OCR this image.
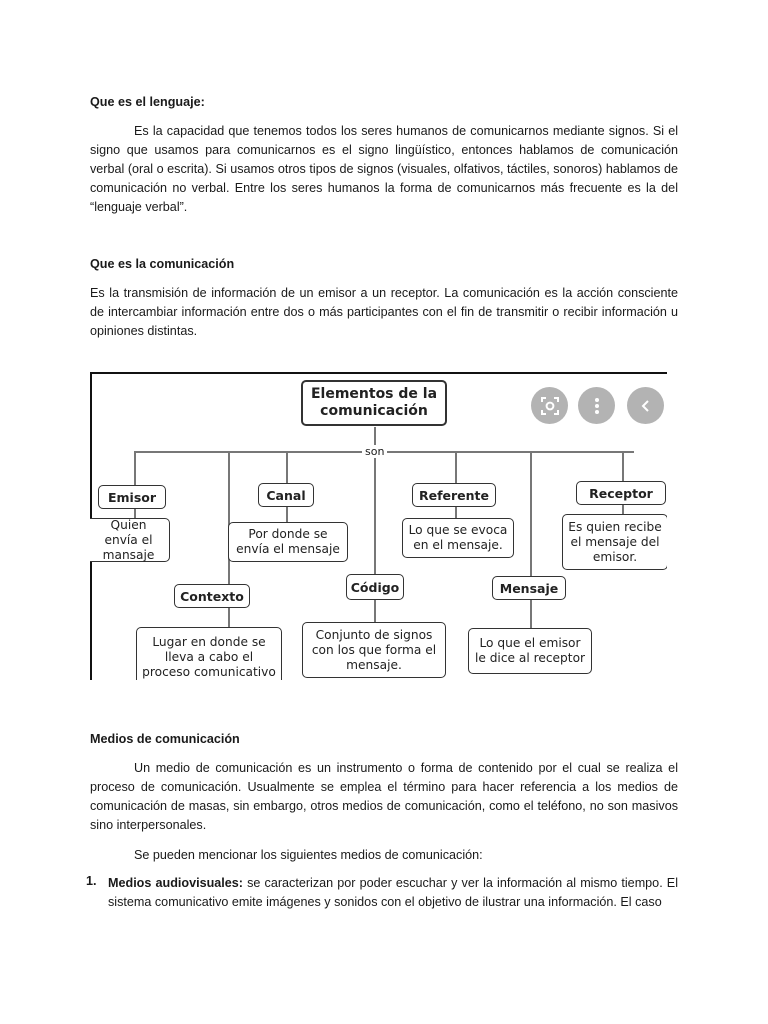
Que es el lenguaje:

Es la capacidad que tenemos todos los seres humanos de comunicarnos mediante signos. Si el signo que usamos para comunicarnos es el signo lingüístico, entonces hablamos de comunicación verbal (oral o escrita). Si usamos otros tipos de signos (visuales, olfativos, táctiles, sonoros) hablamos de comunicación no verbal. Entre los seres humanos la forma de comunicarnos más frecuente es la del “lenguaje verbal”.

Que es la comunicación

Es la transmisión de información de un emisor a un receptor. La comunicación es la acción consciente de intercambiar información entre dos o más participantes con el fin de transmitir o recibir información u opiniones distintas.

son
Elementos de la comunicación
Emisor	Canal	Referente	Receptor
Quien envía el mansaje
Por donde se envía el mensaje
Lo que se evoca en el mensaje.
Es quien recibe el mensaje del emisor.
Contexto
Código	Mensaje
Lugar en donde se lleva a cabo el proceso comunicativo
Conjunto de signos con los que forma el mensaje.
Lo que el emisor le dice al receptor

Medios de comunicación

Un medio de comunicación es un instrumento o forma de contenido por el cual se realiza el proceso de comunicación. Usualmente se emplea el término para hacer referencia a los medios de comunicación de masas, sin embargo, otros medios de comunicación, como el teléfono, no son masivos sino interpersonales.

Se pueden mencionar los siguientes medios de comunicación:

1. Medios audiovisuales: se caracterizan por poder escuchar y ver la información al mismo tiempo. El sistema comunicativo emite imágenes y sonidos con el objetivo de ilustrar una información. El caso
